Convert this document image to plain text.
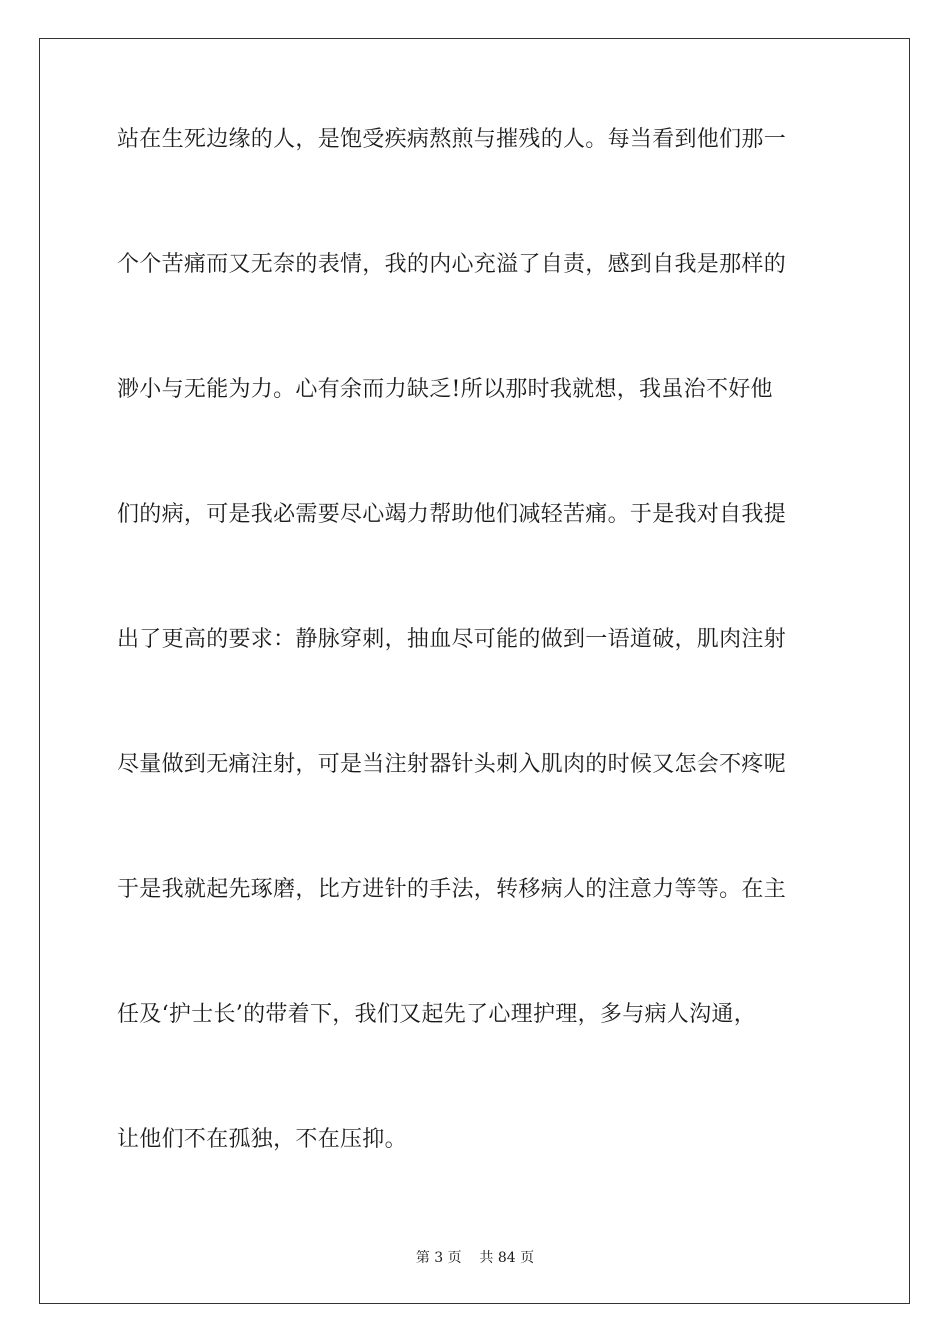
站在生死边缘的人，是饱受疾病熬煎与摧残的人。每当看到他们那一
个个苦痛而又无奈的表情，我的内心充溢了自责，感到自我是那样的
渺小与无能为力。心有余而力缺乏!所以那时我就想，我虽治不好他
们的病，可是我必需要尽心竭力帮助他们减轻苦痛。于是我对自我提
出了更高的要求：静脉穿刺，抽血尽可能的做到一语道破，肌肉注射
尽量做到无痛注射，可是当注射器针头刺入肌肉的时候又怎会不疼呢
于是我就起先琢磨，比方进针的手法，转移病人的注意力等等。在主
任及‘护士长’的带着下，我们又起先了心理护理，多与病人沟通，
让他们不在孤独，不在压抑。
第 3 页    共 84 页
